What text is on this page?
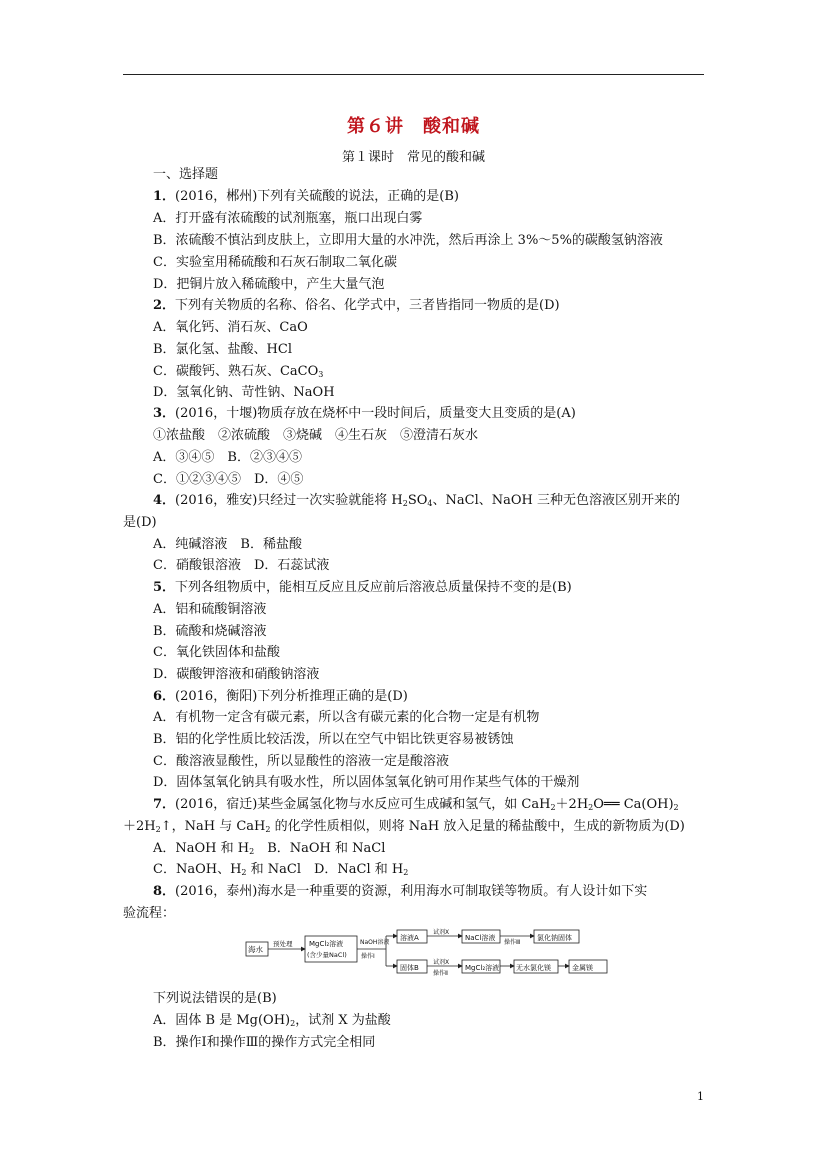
第６讲　酸和碱
第１课时　常见的酸和碱
一、选择题
1．(2016，郴州)下列有关硫酸的说法，正确的是(B)
A．打开盛有浓硫酸的试剂瓶塞，瓶口出现白雾
B．浓硫酸不慎沾到皮肤上，立即用大量的水冲洗，然后再涂上 3%～5%的碳酸氢钠溶液
C．实验室用稀硫酸和石灰石制取二氧化碳
D．把铜片放入稀硫酸中，产生大量气泡
2．下列有关物质的名称、俗名、化学式中，三者皆指同一物质的是(D)
A．氧化钙、消石灰、CaO
B．氯化氢、盐酸、HCl
C．碳酸钙、熟石灰、CaCO$_3$
D．氢氧化钠、苛性钠、NaOH
3．(2016，十堰)物质存放在烧杯中一段时间后，质量变大且变质的是(A)
①浓盐酸　②浓硫酸　③烧碱　④生石灰　⑤澄清石灰水
A．③④⑤　B．②③④⑤
C．①②③④⑤　D．④⑤
4．(2016，雅安)只经过一次实验就能将 $H_2SO_4$、NaCl、NaOH 三种无色溶液区别开来的
是(D)
A．纯碱溶液　B．稀盐酸
C．硝酸银溶液　D．石蕊试液
5．下列各组物质中，能相互反应且反应前后溶液总质量保持不变的是(B)
A．铝和硫酸铜溶液
B．硫酸和烧碱溶液
C．氧化铁固体和盐酸
D．碳酸钾溶液和硝酸钠溶液
6．(2016，衡阳)下列分析推理正确的是(D)
A．有机物一定含有碳元素，所以含有碳元素的化合物一定是有机物
B．铝的化学性质比较活泼，所以在空气中铝比铁更容易被锈蚀
C．酸溶液显酸性，所以显酸性的溶液一定是酸溶液
D．固体氢氧化钠具有吸水性，所以固体氢氧化钠可用作某些气体的干燥剂
7．(2016，宿迁)某些金属氢化物与水反应可生成碱和氢气，如 $CaH_2+2H_2O══$ $Ca(OH)_2$
$+2H_2↑$，NaH 与 CaH$_2$ 的化学性质相似，则将 NaH 放入足量的稀盐酸中，生成的新物质为(D)
A．NaOH 和 $H_2$　B．NaOH 和 NaCl
C．NaOH、$H_2$ 和 NaCl　D．NaCl 和 $H_2$
8．(2016，泰州)海水是一种重要的资源，利用海水可制取镁等物质。有人设计如下实
验流程：
海水
预处理 MgCl₂溶液
(含少量NaCl)
NaOH溶液
操作Ⅰ
溶液A
试剂X
NaCl溶液
操作Ⅲ
氯化钠固体
固体B
试剂X
操作Ⅱ
MgCl₂溶液 无水氯化镁	金属镁
下列说法错误的是(B)
A．固体 B 是 $Mg(OH)_2$，试剂 X 为盐酸
B．操作Ⅰ和操作Ⅲ的操作方式完全相同
1
